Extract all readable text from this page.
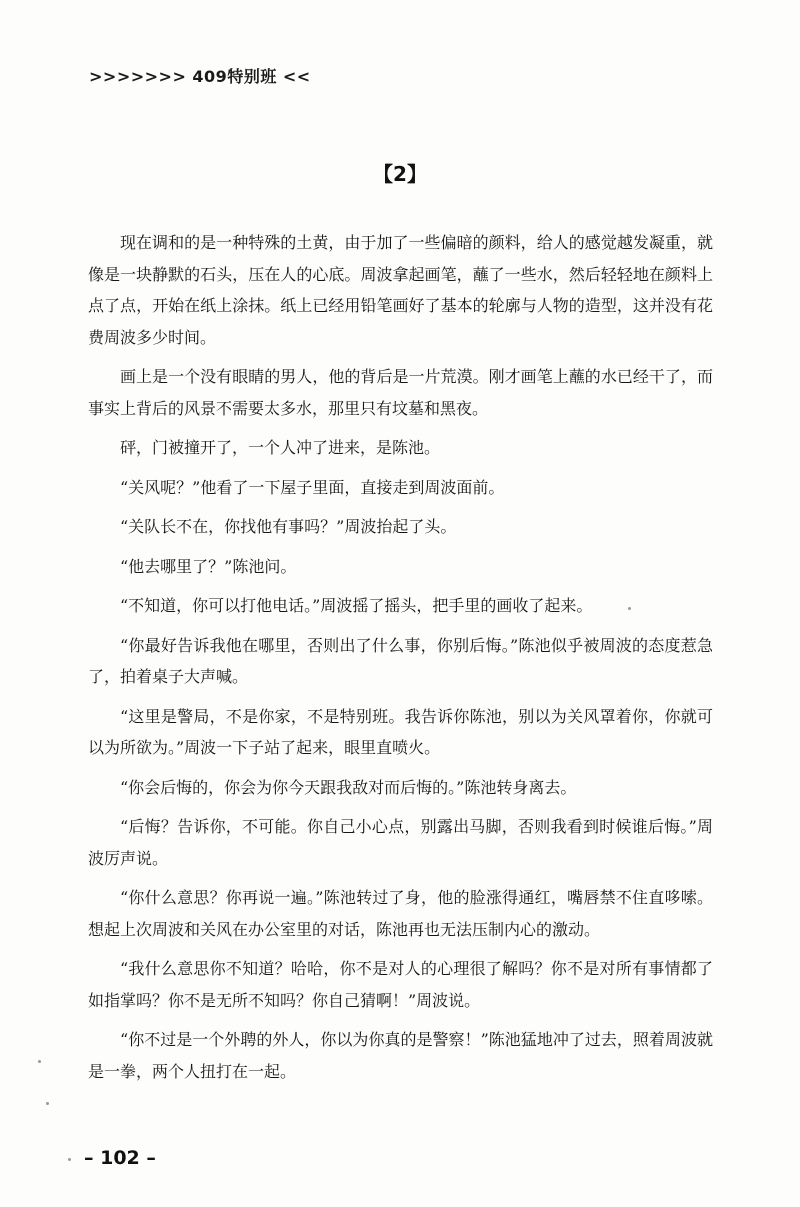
>>>>>>> 409特别班 <<
【2】

现在调和的是一种特殊的土黄，由于加了一些偏暗的颜料，给人的感觉越发凝重，就像是一块静默的石头，压在人的心底。周波拿起画笔，蘸了一些水，然后轻轻地在颜料上点了点，开始在纸上涂抹。纸上已经用铅笔画好了基本的轮廓与人物的造型，这并没有花费周波多少时间。

画上是一个没有眼睛的男人，他的背后是一片荒漠。刚才画笔上蘸的水已经干了，而事实上背后的风景不需要太多水，那里只有坟墓和黑夜。

砰，门被撞开了，一个人冲了进来，是陈池。

“关风呢？”他看了一下屋子里面，直接走到周波面前。

“关队长不在，你找他有事吗？”周波抬起了头。

“他去哪里了？”陈池问。

“不知道，你可以打他电话。”周波摇了摇头，把手里的画收了起来。

“你最好告诉我他在哪里，否则出了什么事，你别后悔。”陈池似乎被周波的态度惹急了，拍着桌子大声喊。

“这里是警局，不是你家，不是特别班。我告诉你陈池，别以为关风罩着你，你就可以为所欲为。”周波一下子站了起来，眼里直喷火。

“你会后悔的，你会为你今天跟我敌对而后悔的。”陈池转身离去。

“后悔？告诉你，不可能。你自己小心点，别露出马脚，否则我看到时候谁后悔。”周波厉声说。

“你什么意思？你再说一遍。”陈池转过了身，他的脸涨得通红，嘴唇禁不住直哆嗦。想起上次周波和关风在办公室里的对话，陈池再也无法压制内心的激动。

“我什么意思你不知道？哈哈，你不是对人的心理很了解吗？你不是对所有事情都了如指掌吗？你不是无所不知吗？你自己猜啊！”周波说。

“你不过是一个外聘的外人，你以为你真的是警察！”陈池猛地冲了过去，照着周波就是一拳，两个人扭打在一起。

– 102 –
